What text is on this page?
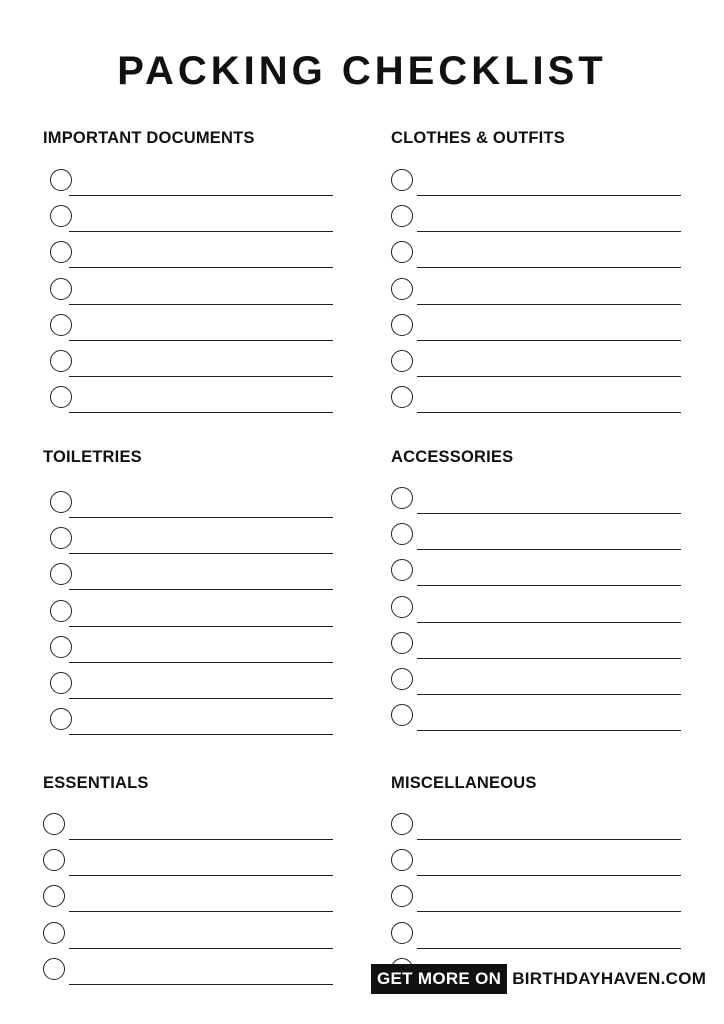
PACKING CHECKLIST
IMPORTANT DOCUMENTS	CLOTHES & OUTFITS
TOILETRIES	ACCESSORIES
ESSENTIALS	MISCELLANEOUS
GET MORE ON BIRTHDAYHAVEN.COM
